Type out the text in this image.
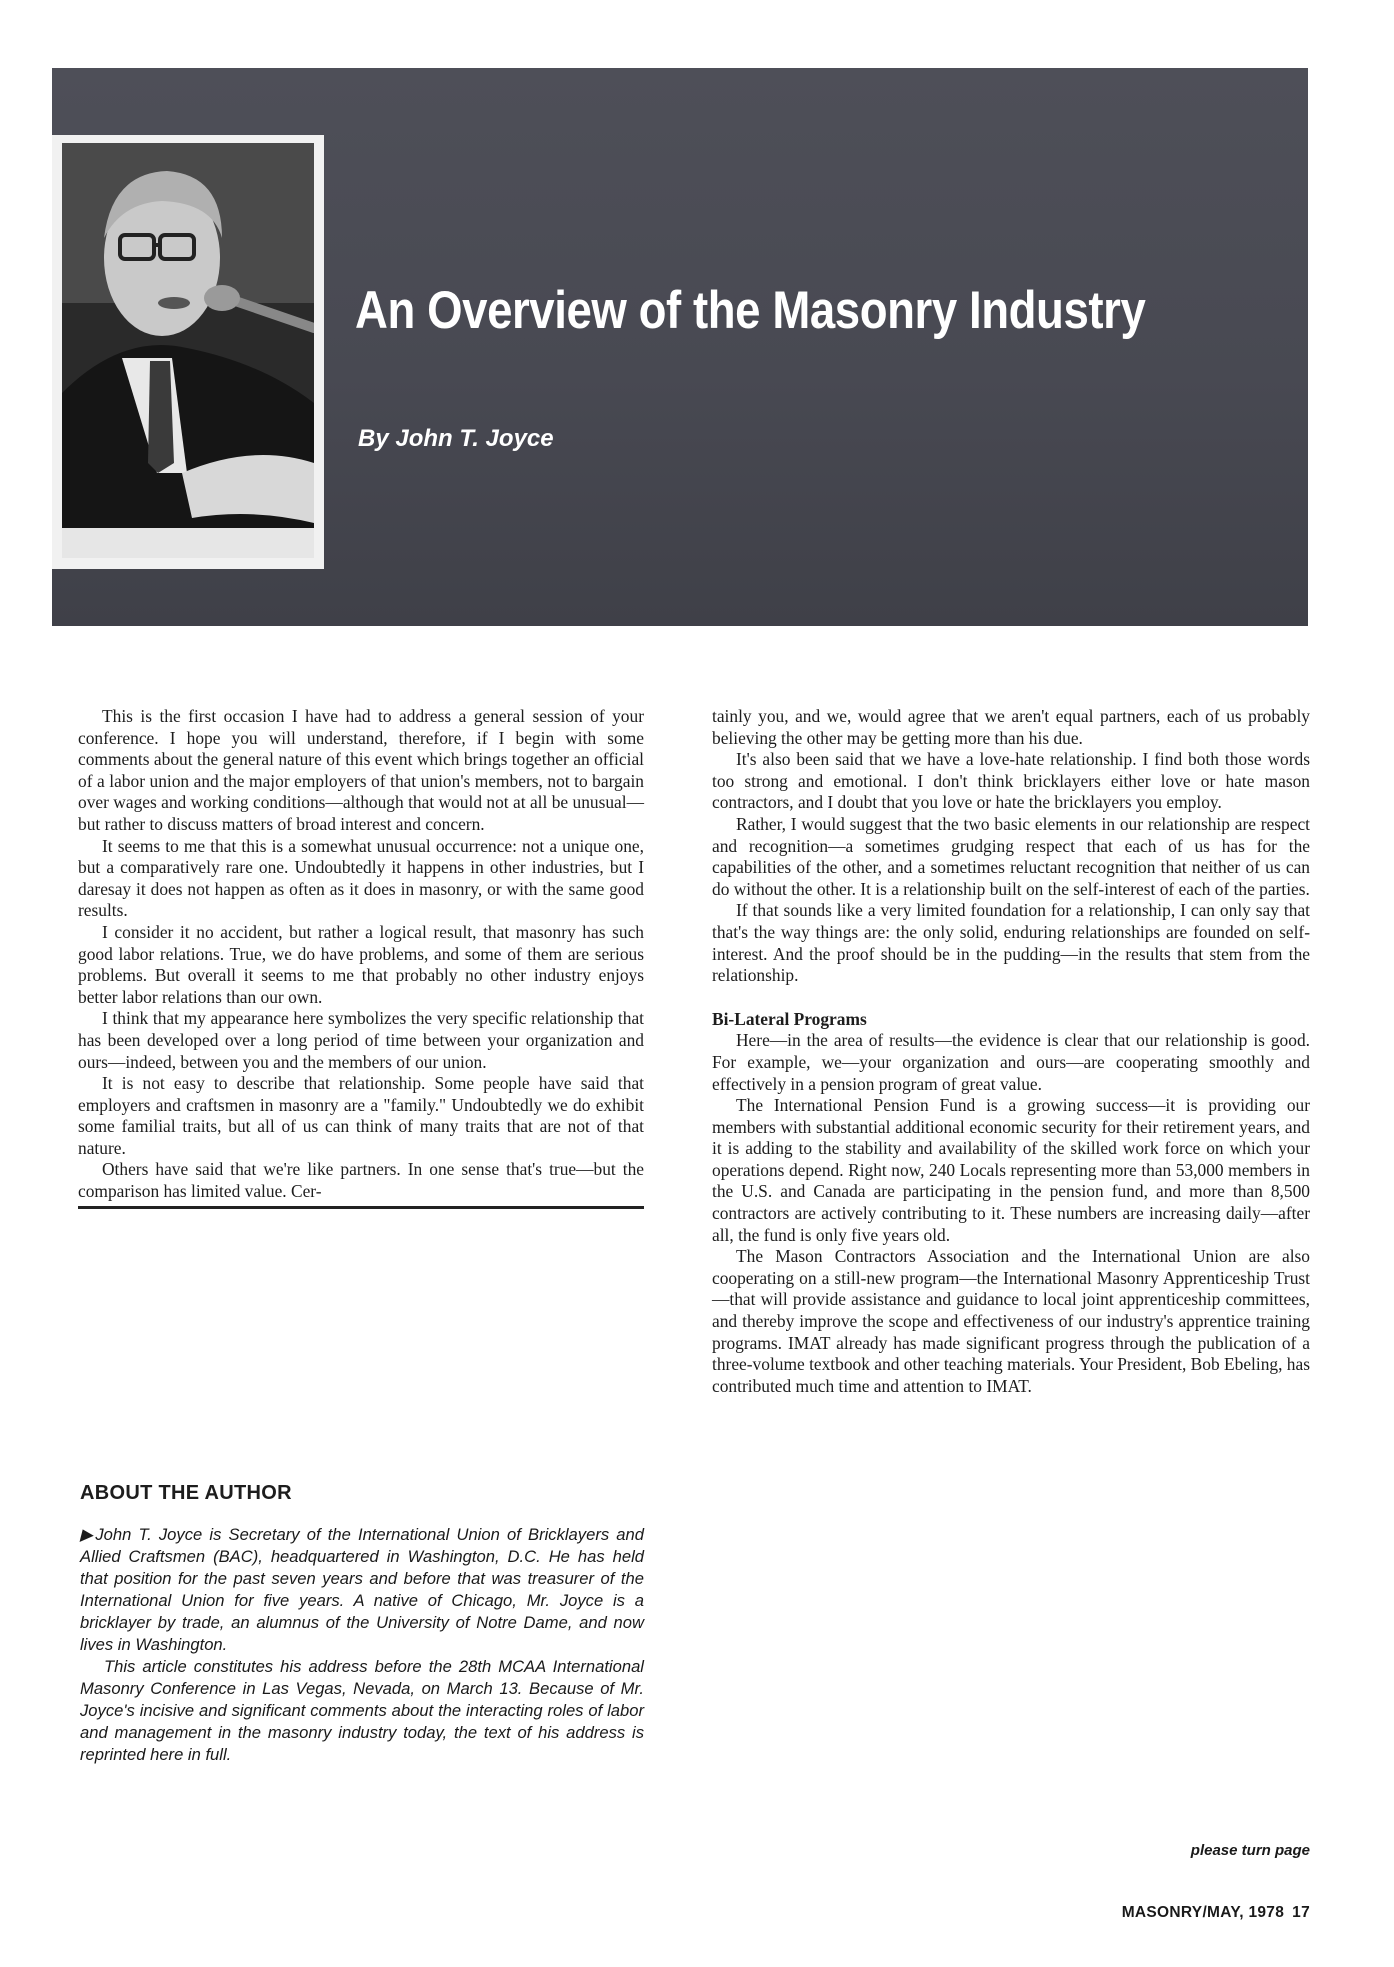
An Overview of the Masonry Industry
By John T. Joyce

This is the first occasion I have had to address a general session of your conference. I hope you will understand, therefore, if I begin with some comments about the general nature of this event which brings together an official of a labor union and the major employers of that union's members, not to bargain over wages and working conditions—although that would not at all be unusual—but rather to discuss matters of broad interest and concern.

It seems to me that this is a somewhat unusual occurrence: not a unique one, but a comparatively rare one. Undoubtedly it happens in other industries, but I daresay it does not happen as often as it does in masonry, or with the same good results.

I consider it no accident, but rather a logical result, that masonry has such good labor relations. True, we do have problems, and some of them are serious problems. But overall it seems to me that probably no other industry enjoys better labor relations than our own.

I think that my appearance here symbolizes the very specific relationship that has been developed over a long period of time between your organization and ours—indeed, between you and the members of our union.

It is not easy to describe that relationship. Some people have said that employers and craftsmen in masonry are a "family." Undoubtedly we do exhibit some familial traits, but all of us can think of many traits that are not of that nature.

Others have said that we're like partners. In one sense that's true—but the comparison has limited value. Cer-

ABOUT THE AUTHOR

▶John T. Joyce is Secretary of the International Union of Bricklayers and Allied Craftsmen (BAC), headquartered in Washington, D.C. He has held that position for the past seven years and before that was treasurer of the International Union for five years. A native of Chicago, Mr. Joyce is a bricklayer by trade, an alumnus of the University of Notre Dame, and now lives in Washington.

This article constitutes his address before the 28th MCAA International Masonry Conference in Las Vegas, Nevada, on March 13. Because of Mr. Joyce's incisive and significant comments about the interacting roles of labor and management in the masonry industry today, the text of his address is reprinted here in full.

tainly you, and we, would agree that we aren't equal partners, each of us probably believing the other may be getting more than his due.

It's also been said that we have a love-hate relationship. I find both those words too strong and emotional. I don't think bricklayers either love or hate mason contractors, and I doubt that you love or hate the bricklayers you employ.

Rather, I would suggest that the two basic elements in our relationship are respect and recognition—a sometimes grudging respect that each of us has for the capabilities of the other, and a sometimes reluctant recognition that neither of us can do without the other. It is a relationship built on the self-interest of each of the parties.

If that sounds like a very limited foundation for a relationship, I can only say that that's the way things are: the only solid, enduring relationships are founded on self-interest. And the proof should be in the pudding—in the results that stem from the relationship.

Bi-Lateral Programs

Here—in the area of results—the evidence is clear that our relationship is good. For example, we—your organization and ours—are cooperating smoothly and effectively in a pension program of great value.

The International Pension Fund is a growing success—it is providing our members with substantial additional economic security for their retirement years, and it is adding to the stability and availability of the skilled work force on which your operations depend. Right now, 240 Locals representing more than 53,000 members in the U.S. and Canada are participating in the pension fund, and more than 8,500 contractors are actively contributing to it. These numbers are increasing daily—after all, the fund is only five years old.

The Mason Contractors Association and the International Union are also cooperating on a still-new program—the International Masonry Apprenticeship Trust—that will provide assistance and guidance to local joint apprenticeship committees, and thereby improve the scope and effectiveness of our industry's apprentice training programs. IMAT already has made significant progress through the publication of a three-volume textbook and other teaching materials. Your President, Bob Ebeling, has contributed much time and attention to IMAT.

please turn page
MASONRY/MAY, 1978 17
